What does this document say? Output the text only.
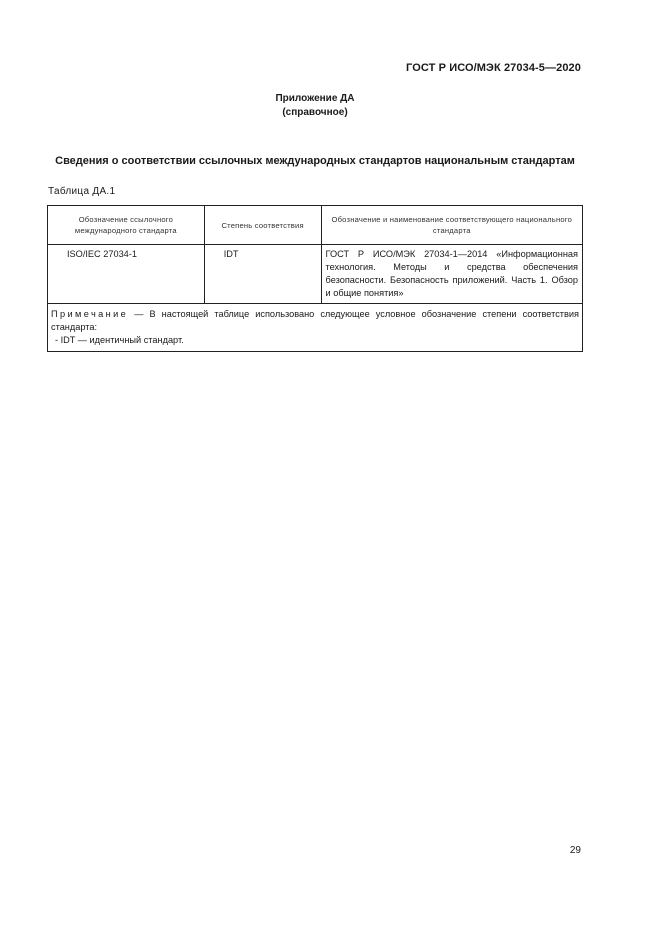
ГОСТ Р ИСО/МЭК 27034-5—2020
Приложение ДА
(справочное)
Сведения о соответствии ссылочных международных стандартов национальным стандартам
Таблица ДА.1
Обозначение ссылочного международного стандарта	Степень соответствия	Обозначение и наименование соответствующего национального стандарта
ISO/IEC 27034-1	IDT	ГОСТ Р ИСО/МЭК 27034-1—2014 «Информационная технология. Методы и средства обеспечения безопасности. Безопасность приложений. Часть 1. Обзор и общие понятия»
Примечание — В настоящей таблице использовано следующее условное обозначение степени соответствия стандарта:
- IDT — идентичный стандарт.		
29
